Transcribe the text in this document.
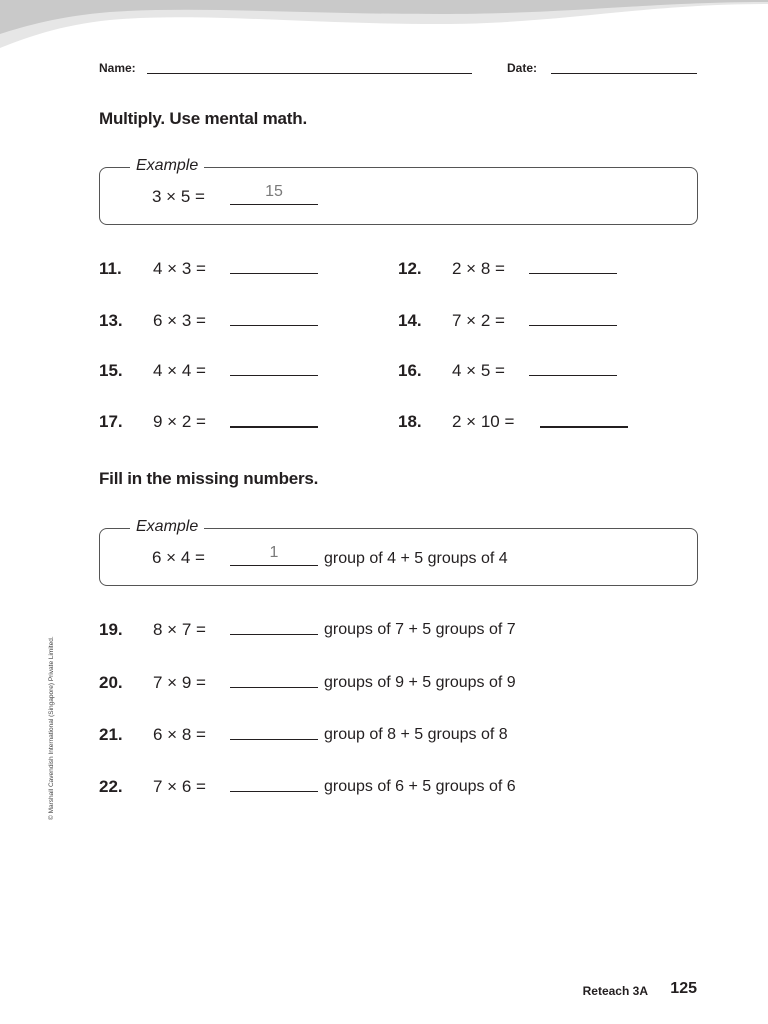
Name:	Date:
Multiply. Use mental math.
Example
3 × 5 =	15
11. 4 × 3 =	12. 2 × 8 =
13. 6 × 3 =	14. 7 × 2 =
15. 4 × 4 =	16. 4 × 5 =
17. 9 × 2 =	18. 2 × 10 =
Fill in the missing numbers.
Example
6 × 4 =	1	group of 4 + 5 groups of 4
19. 8 × 7 =	groups of 7 + 5 groups of 7
20. 7 × 9 =	groups of 9 + 5 groups of 9
21. 6 × 8 =	group of 8 + 5 groups of 8
22. 7 × 6 =	groups of 6 + 5 groups of 6
© Marshall Cavendish International (Singapore) Private Limited.
Reteach 3A 125
